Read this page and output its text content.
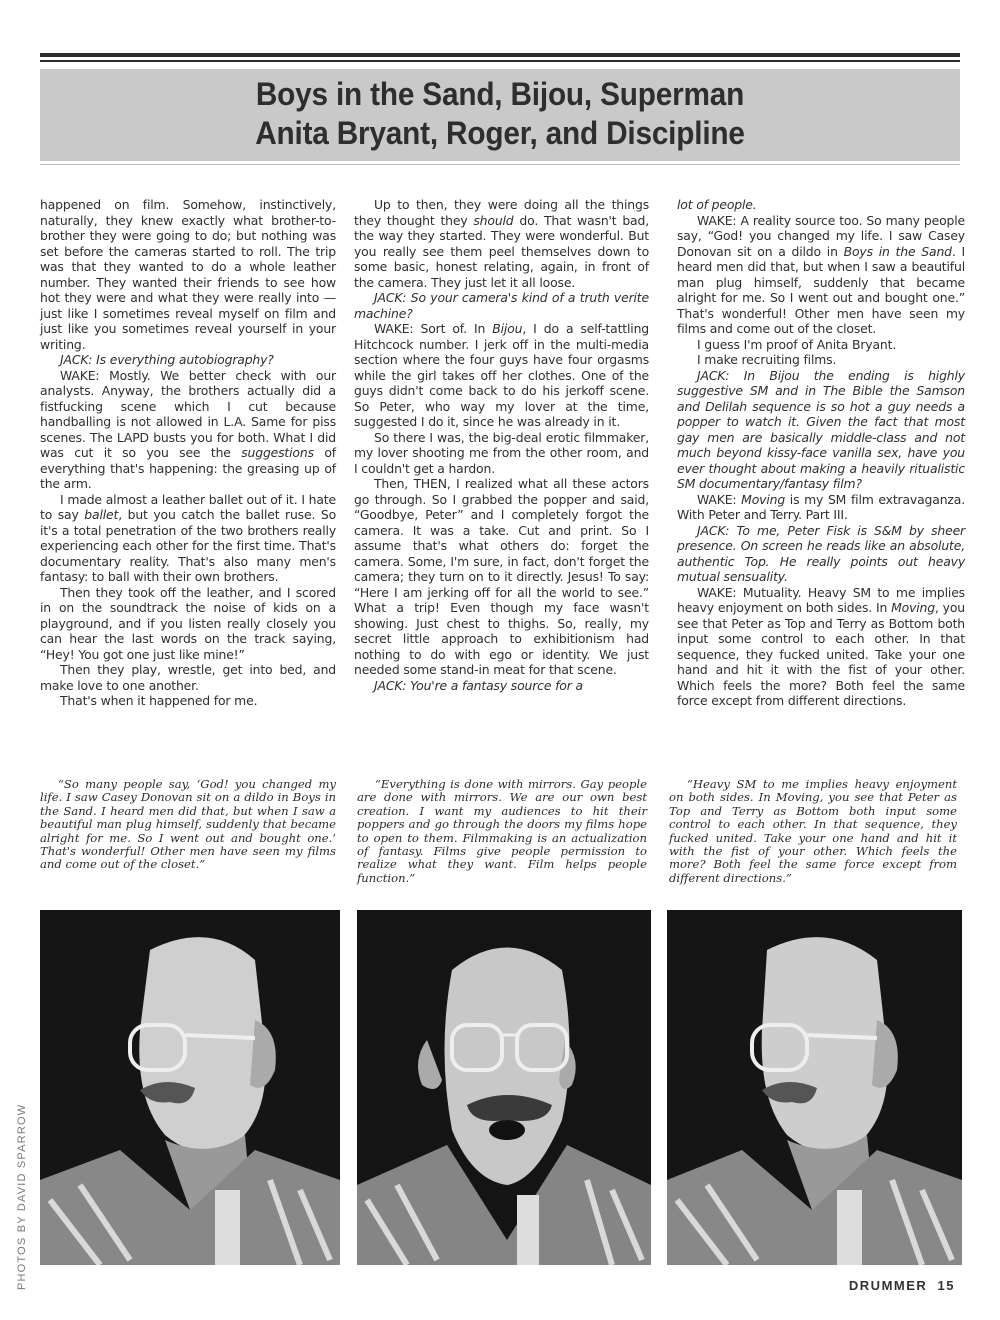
Boys in the Sand, Bijou, Superman
Anita Bryant, Roger, and Discipline

happened on film. Somehow, instinctively, naturally, they knew exactly what brother-to-brother they were going to do; but nothing was set before the cameras started to roll. The trip was that they wanted to do a whole leather number. They wanted their friends to see how hot they were and what they were really into — just like I sometimes reveal myself on film and just like you sometimes reveal yourself in your writing.

JACK: Is everything autobiography?

WAKE: Mostly. We better check with our analysts. Anyway, the brothers actually did a fistfucking scene which I cut because handballing is not allowed in L.A. Same for piss scenes. The LAPD busts you for both. What I did was cut it so you see the suggestions of everything that's happening: the greasing up of the arm.

I made almost a leather ballet out of it. I hate to say ballet, but you catch the ballet ruse. So it's a total penetration of the two brothers really experiencing each other for the first time. That's documentary reality. That's also many men's fantasy: to ball with their own brothers.

Then they took off the leather, and I scored in on the soundtrack the noise of kids on a playground, and if you listen really closely you can hear the last words on the track saying, “Hey! You got one just like mine!”

Then they play, wrestle, get into bed, and make love to one another.

That's when it happened for me.

Up to then, they were doing all the things they thought they should do. That wasn't bad, the way they started. They were wonderful. But you really see them peel themselves down to some basic, honest relating, again, in front of the camera. They just let it all loose.

JACK: So your camera's kind of a truth verite machine?

WAKE: Sort of. In Bijou, I do a self-tattling Hitchcock number. I jerk off in the multi-media section where the four guys have four orgasms while the girl takes off her clothes. One of the guys didn't come back to do his jerkoff scene. So Peter, who way my lover at the time, suggested I do it, since he was already in it.

So there I was, the big-deal erotic filmmaker, my lover shooting me from the other room, and I couldn't get a hardon.

Then, THEN, I realized what all these actors go through. So I grabbed the popper and said, “Goodbye, Peter” and I completely forgot the camera. It was a take. Cut and print. So I assume that's what others do: forget the camera. Some, I'm sure, in fact, don't forget the camera; they turn on to it directly. Jesus! To say: “Here I am jerking off for all the world to see.” What a trip! Even though my face wasn't showing. Just chest to thighs. So, really, my secret little approach to exhibitionism had nothing to do with ego or identity. We just needed some stand-in meat for that scene.

JACK: You're a fantasy source for a

lot of people.

WAKE: A reality source too. So many people say, “God! you changed my life. I saw Casey Donovan sit on a dildo in Boys in the Sand. I heard men did that, but when I saw a beautiful man plug himself, suddenly that became alright for me. So I went out and bought one.” That's wonderful! Other men have seen my films and come out of the closet.

I guess I'm proof of Anita Bryant.

I make recruiting films.

JACK: In Bijou the ending is highly suggestive SM and in The Bible the Samson and Delilah sequence is so hot a guy needs a popper to watch it. Given the fact that most gay men are basically middle-class and not much beyond kissy-face vanilla sex, have you ever thought about making a heavily ritualistic SM documentary/fantasy film?

WAKE: Moving is my SM film extravaganza. With Peter and Terry. Part III.

JACK: To me, Peter Fisk is S&M by sheer presence. On screen he reads like an absolute, authentic Top. He really points out heavy mutual sensuality.

WAKE: Mutuality. Heavy SM to me implies heavy enjoyment on both sides. In Moving, you see that Peter as Top and Terry as Bottom both input some control to each other. In that sequence, they fucked united. Take your one hand and hit it with the fist of your other. Which feels the more? Both feel the same force except from different directions.

“So many people say, ‘God! you changed my life. I saw Casey Donovan sit on a dildo in Boys in the Sand. I heard men did that, but when I saw a beautiful man plug himself, suddenly that became alright for me. So I went out and bought one.’ That's wonderful! Other men have seen my films and come out of the closet.”

“Everything is done with mirrors. Gay people are done with mirrors. We are our own best creation. I want my audiences to hit their poppers and go through the doors my films hope to open to them. Filmmaking is an actualization of fantasy. Films give people permission to realize what they want. Film helps people function.”

“Heavy SM to me implies heavy enjoyment on both sides. In Moving, you see that Peter as Top and Terry as Bottom both input some control to each other. In that sequence, they fucked united. Take your one hand and hit it with the fist of your other. Which feels the more? Both feel the same force except from different directions.”

PHOTOS BY DAVID SPARROW	DRUMMER 15
